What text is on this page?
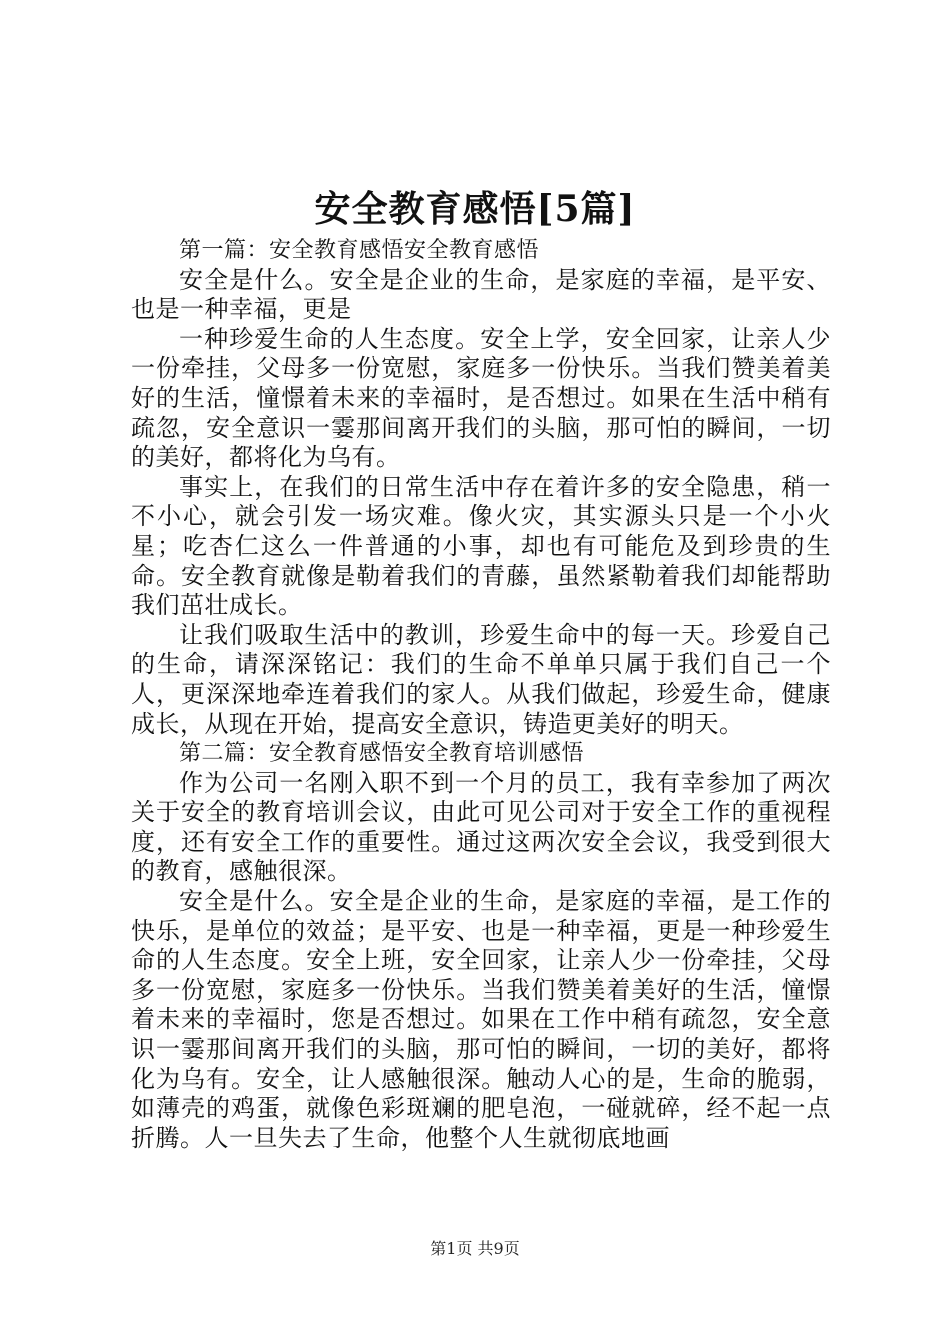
安全教育感悟[5篇]

第一篇：安全教育感悟安全教育感悟

安全是什么。安全是企业的生命，是家庭的幸福，是平安、也是一种幸福，更是

一种珍爱生命的人生态度。安全上学，安全回家，让亲人少一份牵挂，父母多一份宽慰，家庭多一份快乐。当我们赞美着美好的生活，憧憬着未来的幸福时，是否想过。如果在生活中稍有疏忽，安全意识一霎那间离开我们的头脑，那可怕的瞬间，一切的美好，都将化为乌有。

事实上，在我们的日常生活中存在着许多的安全隐患，稍一不小心，就会引发一场灾难。像火灾，其实源头只是一个小火星；吃杏仁这么一件普通的小事，却也有可能危及到珍贵的生命。安全教育就像是勒着我们的青藤，虽然紧勒着我们却能帮助我们茁壮成长。

让我们吸取生活中的教训，珍爱生命中的每一天。珍爱自己的生命，请深深铭记：我们的生命不单单只属于我们自己一个人，更深深地牵连着我们的家人。从我们做起，珍爱生命，健康成长，从现在开始，提高安全意识，铸造更美好的明天。

第二篇：安全教育感悟安全教育培训感悟

作为公司一名刚入职不到一个月的员工，我有幸参加了两次关于安全的教育培训会议，由此可见公司对于安全工作的重视程度，还有安全工作的重要性。通过这两次安全会议，我受到很大的教育，感触很深。

安全是什么。安全是企业的生命，是家庭的幸福，是工作的快乐，是单位的效益；是平安、也是一种幸福，更是一种珍爱生命的人生态度。安全上班，安全回家，让亲人少一份牵挂，父母多一份宽慰，家庭多一份快乐。当我们赞美着美好的生活，憧憬着未来的幸福时，您是否想过。如果在工作中稍有疏忽，安全意识一霎那间离开我们的头脑，那可怕的瞬间，一切的美好，都将化为乌有。安全，让人感触很深。触动人心的是，生命的脆弱，如薄壳的鸡蛋，就像色彩斑斓的肥皂泡，一碰就碎，经不起一点折腾。人一旦失去了生命，他整个人生就彻底地画

第1页 共9页
